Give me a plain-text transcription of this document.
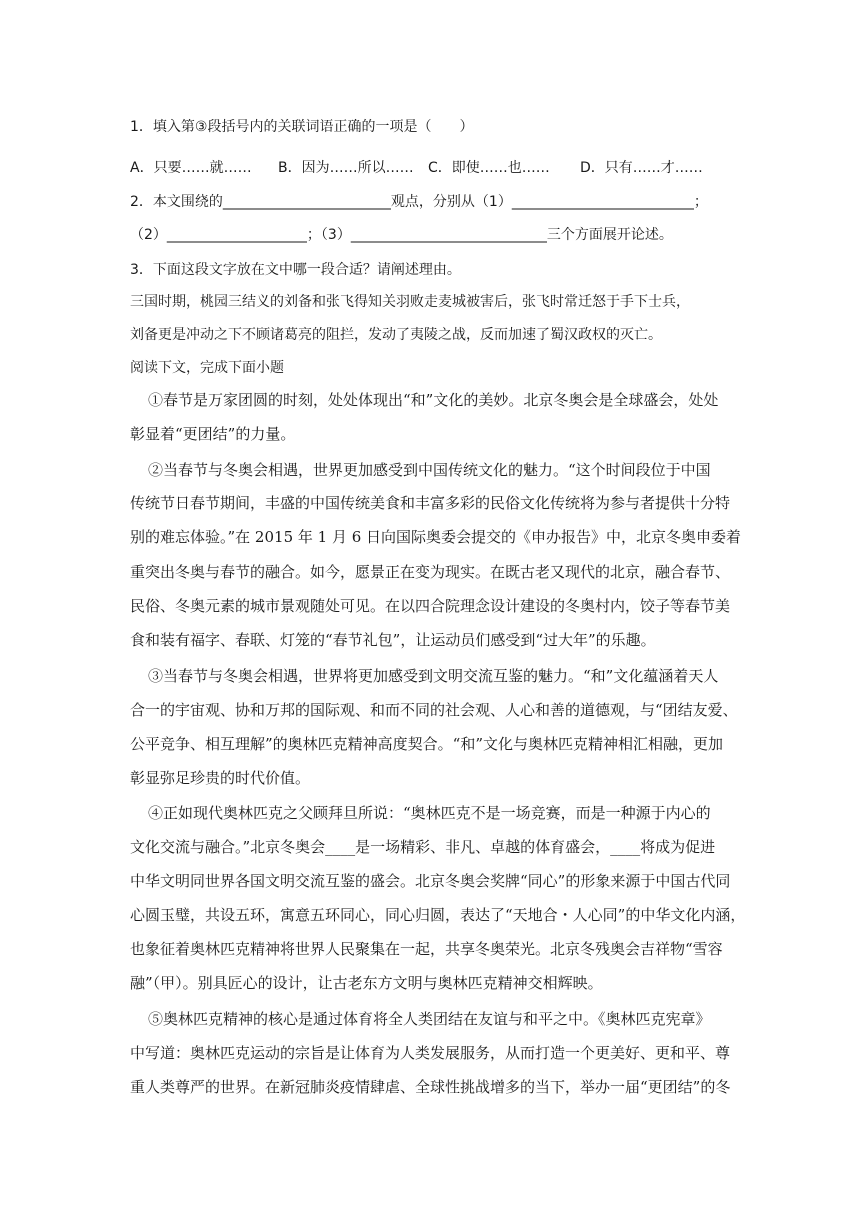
1．填入第③段括号内的关联词语正确的一项是（　　）
A．只要……就…… B．因为……所以…… C．即使……也…… D．只有……才……
2．本文围绕的________________________观点，分别从（1）__________________________；
（2）____________________；（3）____________________________三个方面展开论述。
3．下面这段文字放在文中哪一段合适？请阐述理由。
三国时期，桃园三结义的刘备和张飞得知关羽败走麦城被害后，张飞时常迁怒于手下士兵，
刘备更是冲动之下不顾诸葛亮的阻拦，发动了夷陵之战，反而加速了蜀汉政权的灭亡。
阅读下文，完成下面小题
①春节是万家团圆的时刻，处处体现出“和”文化的美妙。北京冬奥会是全球盛会，处处
彰显着“更团结”的力量。
②当春节与冬奥会相遇，世界更加感受到中国传统文化的魅力。“这个时间段位于中国
传统节日春节期间，丰盛的中国传统美食和丰富多彩的民俗文化传统将为参与者提供十分特
别的难忘体验。”在 2015 年 1 月 6 日向国际奥委会提交的《申办报告》中，北京冬奥申委着
重突出冬奥与春节的融合。如今，愿景正在变为现实。在既古老又现代的北京，融合春节、
民俗、冬奥元素的城市景观随处可见。在以四合院理念设计建设的冬奥村内，饺子等春节美
食和装有福字、春联、灯笼的“春节礼包”，让运动员们感受到“过大年”的乐趣。
③当春节与冬奥会相遇，世界将更加感受到文明交流互鉴的魅力。“和”文化蕴涵着天人
合一的宇宙观、协和万邦的国际观、和而不同的社会观、人心和善的道德观，与“团结友爱、
公平竞争、相互理解”的奥林匹克精神高度契合。“和”文化与奥林匹克精神相汇相融，更加
彰显弥足珍贵的时代价值。
④正如现代奥林匹克之父顾拜旦所说：“奥林匹克不是一场竞赛，而是一种源于内心的
文化交流与融合。”北京冬奥会____是一场精彩、非凡、卓越的体育盛会，____将成为促进
中华文明同世界各国文明交流互鉴的盛会。北京冬奥会奖牌“同心”的形象来源于中国古代同
心圆玉璧，共设五环，寓意五环同心，同心归圆，表达了“天地合・人心同”的中华文化内涵，
也象征着奥林匹克精神将世界人民聚集在一起，共享冬奥荣光。北京冬残奥会吉祥物“雪容
融”（甲）。别具匠心的设计，让古老东方文明与奥林匹克精神交相辉映。
⑤奥林匹克精神的核心是通过体育将全人类团结在友谊与和平之中。《奥林匹克宪章》
中写道：奥林匹克运动的宗旨是让体育为人类发展服务，从而打造一个更美好、更和平、尊
重人类尊严的世界。在新冠肺炎疫情肆虐、全球性挑战增多的当下，举办一届“更团结”的冬
